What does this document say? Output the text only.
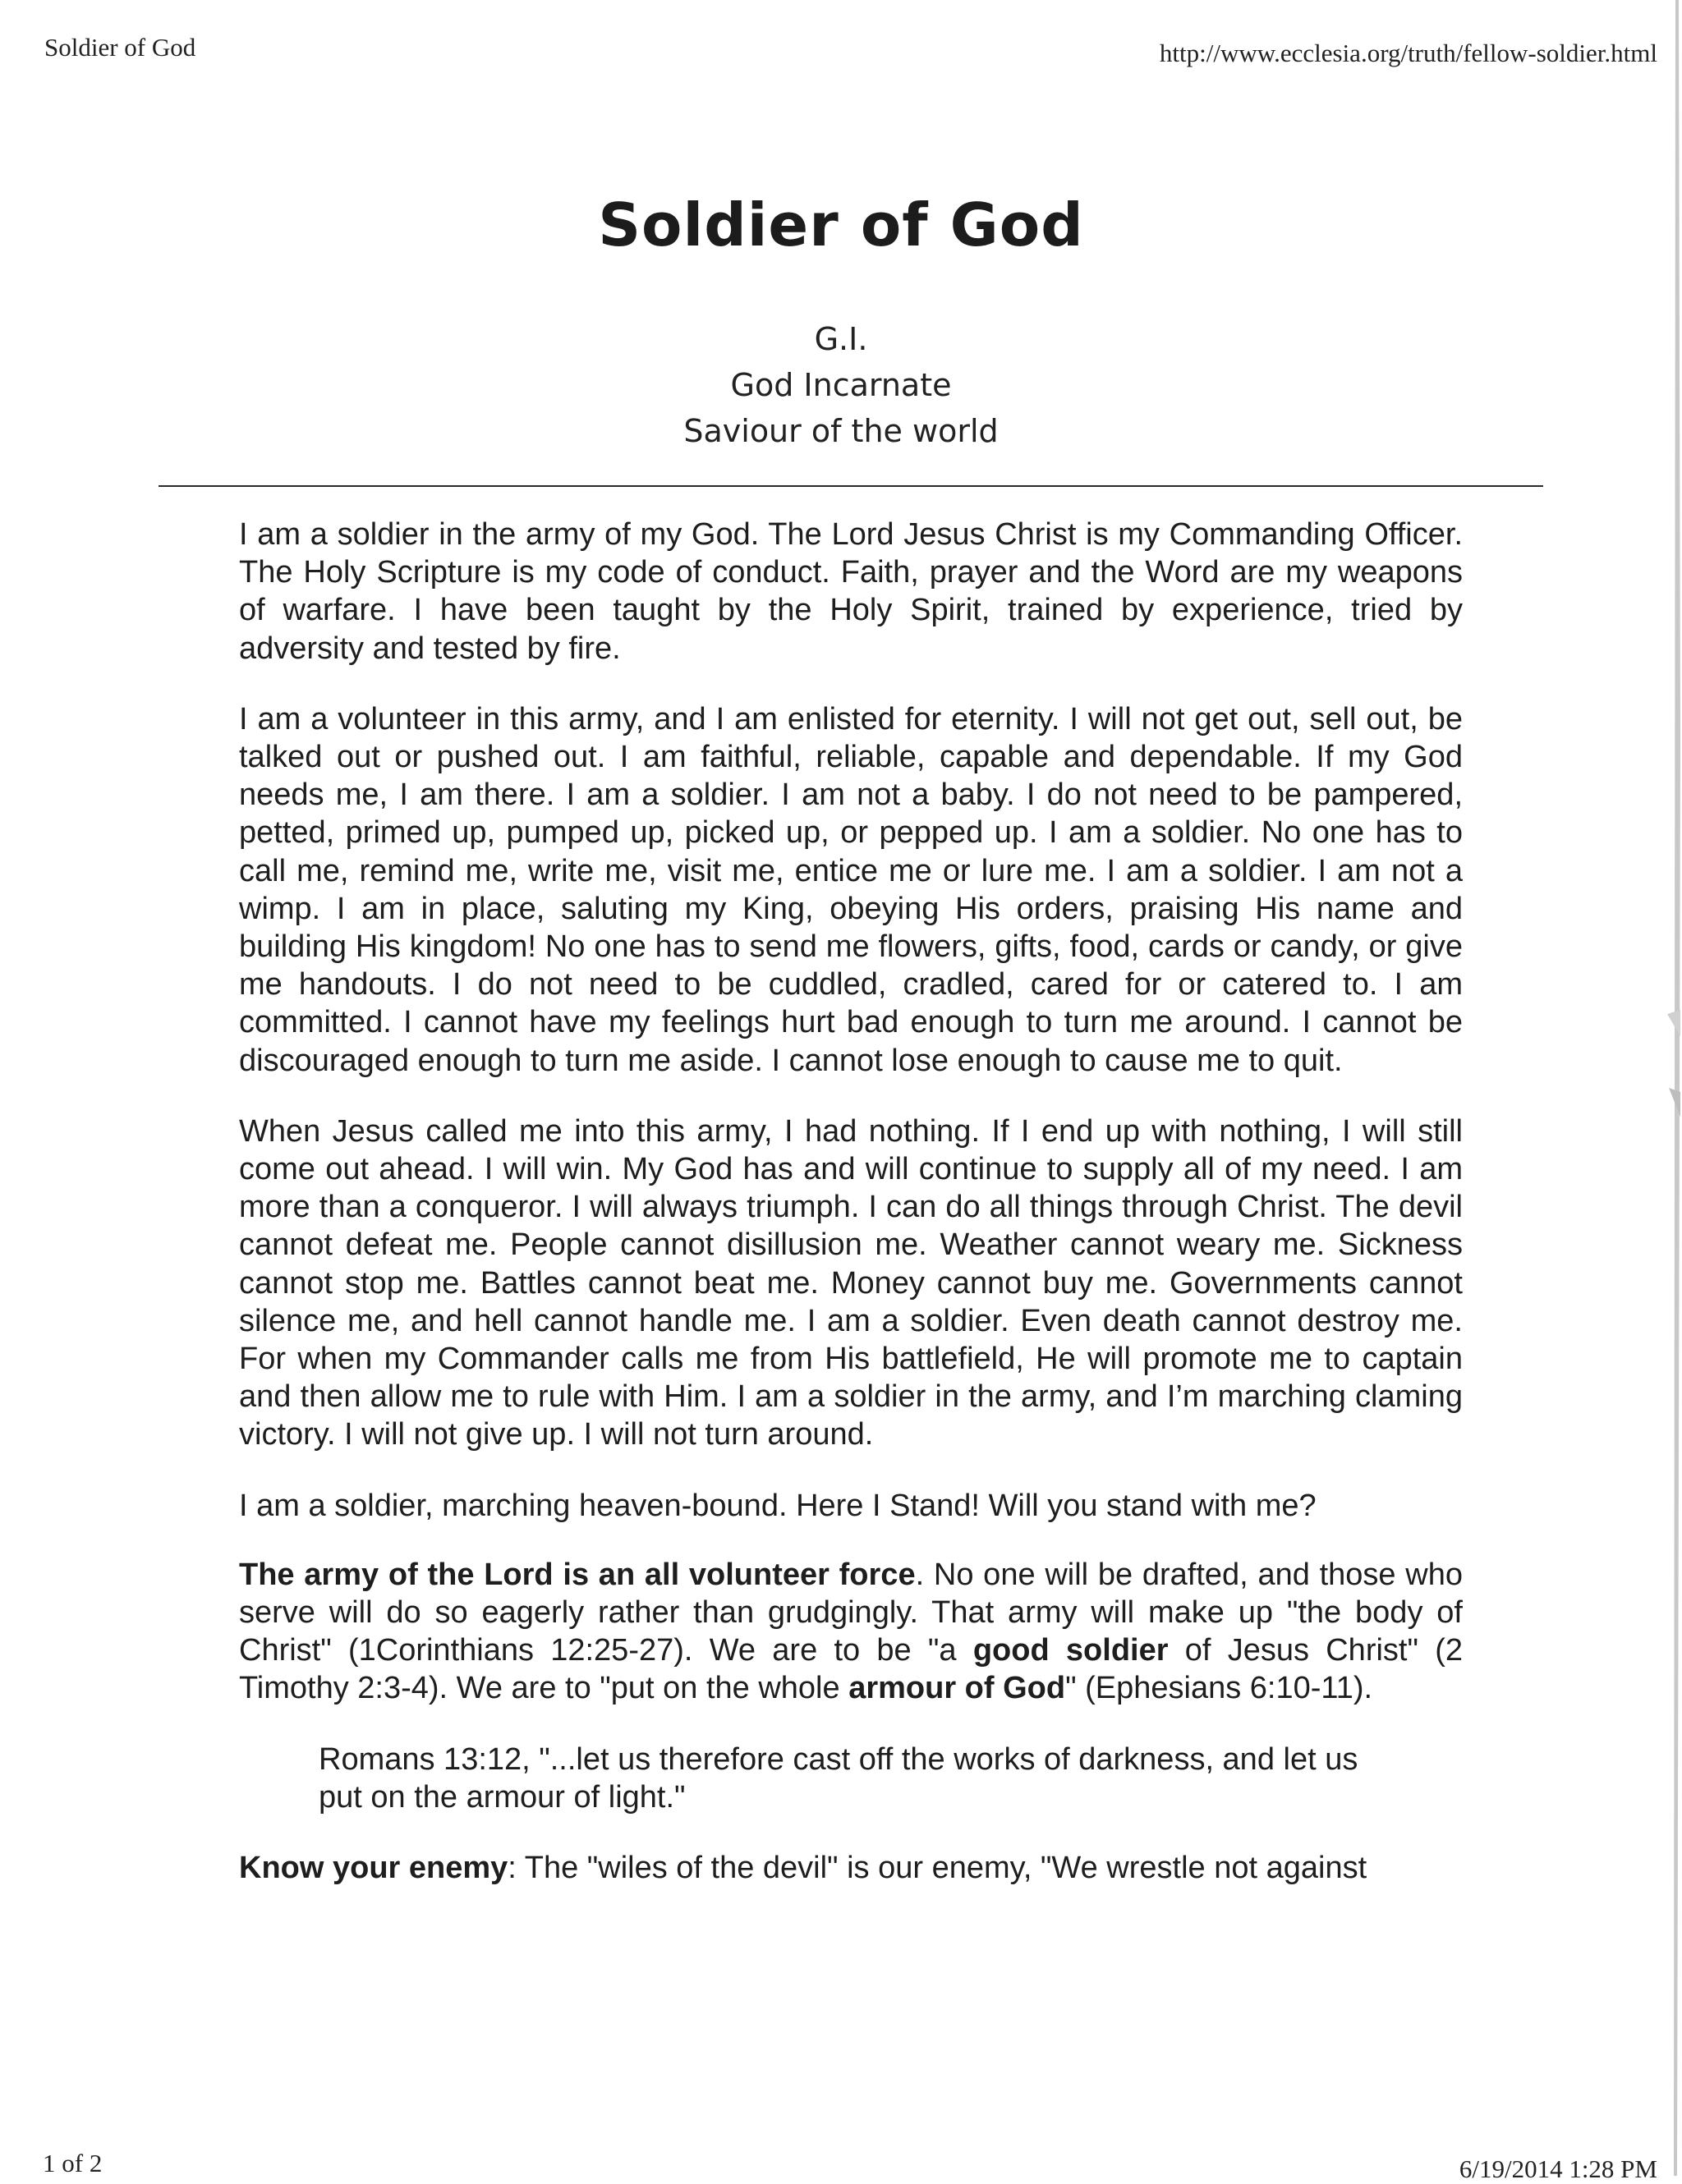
Soldier of God	http://www.ecclesia.org/truth/fellow-soldier.html
Soldier of God
G.I.
God Incarnate
Saviour of the world

I am a soldier in the army of my God. The Lord Jesus Christ is my Commanding Officer. The Holy Scripture is my code of conduct. Faith, prayer and the Word are my weapons of warfare. I have been taught by the Holy Spirit, trained by experience, tried by adversity and tested by fire.

I am a volunteer in this army, and I am enlisted for eternity. I will not get out, sell out, be talked out or pushed out. I am faithful, reliable, capable and dependable. If my God needs me, I am there. I am a soldier. I am not a baby. I do not need to be pampered, petted, primed up, pumped up, picked up, or pepped up. I am a soldier. No one has to call me, remind me, write me, visit me, entice me or lure me. I am a soldier. I am not a wimp. I am in place, saluting my King, obeying His orders, praising His name and building His kingdom! No one has to send me flowers, gifts, food, cards or candy, or give me handouts. I do not need to be cuddled, cradled, cared for or catered to. I am committed. I cannot have my feelings hurt bad enough to turn me around. I cannot be discouraged enough to turn me aside. I cannot lose enough to cause me to quit.

When Jesus called me into this army, I had nothing. If I end up with nothing, I will still come out ahead. I will win. My God has and will continue to supply all of my need. I am more than a conqueror. I will always triumph. I can do all things through Christ. The devil cannot defeat me. People cannot disillusion me. Weather cannot weary me. Sickness cannot stop me. Battles cannot beat me. Money cannot buy me. Governments cannot silence me, and hell cannot handle me. I am a soldier. Even death cannot destroy me. For when my Commander calls me from His battlefield, He will promote me to captain and then allow me to rule with Him. I am a soldier in the army, and I’m marching claming victory. I will not give up. I will not turn around.

I am a soldier, marching heaven-bound. Here I Stand! Will you stand with me?

The army of the Lord is an all volunteer force. No one will be drafted, and those who serve will do so eagerly rather than grudgingly. That army will make up "the body of Christ" (1Corinthians 12:25-27). We are to be "a good soldier of Jesus Christ" (2 Timothy 2:3-4). We are to "put on the whole armour of God" (Ephesians 6:10-11).

Romans 13:12, "...let us therefore cast off the works of darkness, and let us put on the armour of light."

Know your enemy: The "wiles of the devil" is our enemy, "We wrestle not against

1 of 2	6/19/2014 1:28 PM
